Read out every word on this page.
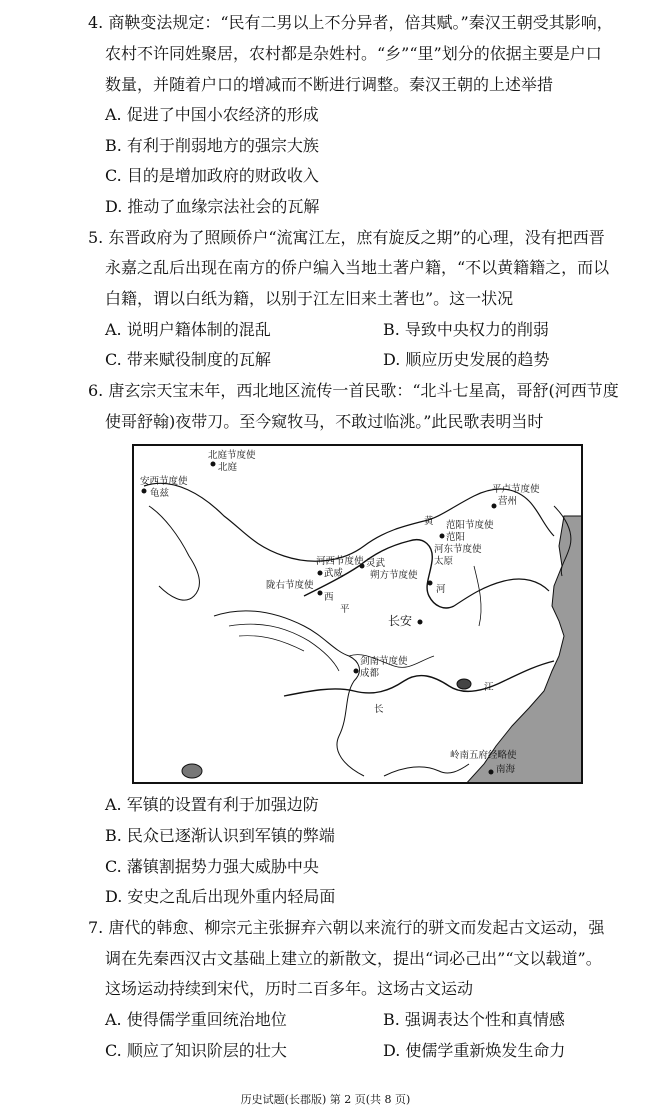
4. 商鞅变法规定：“民有二男以上不分异者，倍其赋。”秦汉王朝受其影响，
农村不许同姓聚居，农村都是杂姓村。“乡”“里”划分的依据主要是户口
数量，并随着户口的增减而不断进行调整。秦汉王朝的上述举措
A. 促进了中国小农经济的形成
B. 有利于削弱地方的强宗大族
C. 目的是增加政府的财政收入
D. 推动了血缘宗法社会的瓦解
5. 东晋政府为了照顾侨户“流寓江左，庶有旋反之期”的心理，没有把西晋
永嘉之乱后出现在南方的侨户编入当地土著户籍，“不以黄籍籍之，而以
白籍，谓以白纸为籍，以别于江左旧来土著也”。这一状况
A. 说明户籍体制的混乱	B. 导致中央权力的削弱
C. 带来赋役制度的瓦解	D. 顺应历史发展的趋势
6. 唐玄宗天宝末年，西北地区流传一首民歌：“北斗七星高，哥舒(河西节度
使哥舒翰)夜带刀。至今窥牧马，不敢过临洮。”此民歌表明当时
北庭节度使
北庭
安西节度使
龟兹	平卢节度使
营州
黄 范阳节度使
范阳
河西节度使
武威
灵武
朔方节度使
河东节度使
太原
陇右节度使
西
平
河
长安
剑南节度使
成都
江
长
岭南五府经略使
南海
A. 军镇的设置有利于加强边防
B. 民众已逐渐认识到军镇的弊端
C. 藩镇割据势力强大威胁中央
D. 安史之乱后出现外重内轻局面
7. 唐代的韩愈、柳宗元主张摒弃六朝以来流行的骈文而发起古文运动，强
调在先秦西汉古文基础上建立的新散文，提出“词必己出”“文以载道”。
这场运动持续到宋代，历时二百多年。这场古文运动
A. 使得儒学重回统治地位	B. 强调表达个性和真情感
C. 顺应了知识阶层的壮大	D. 使儒学重新焕发生命力
历史试题(长郡版) 第 2 页(共 8 页)
